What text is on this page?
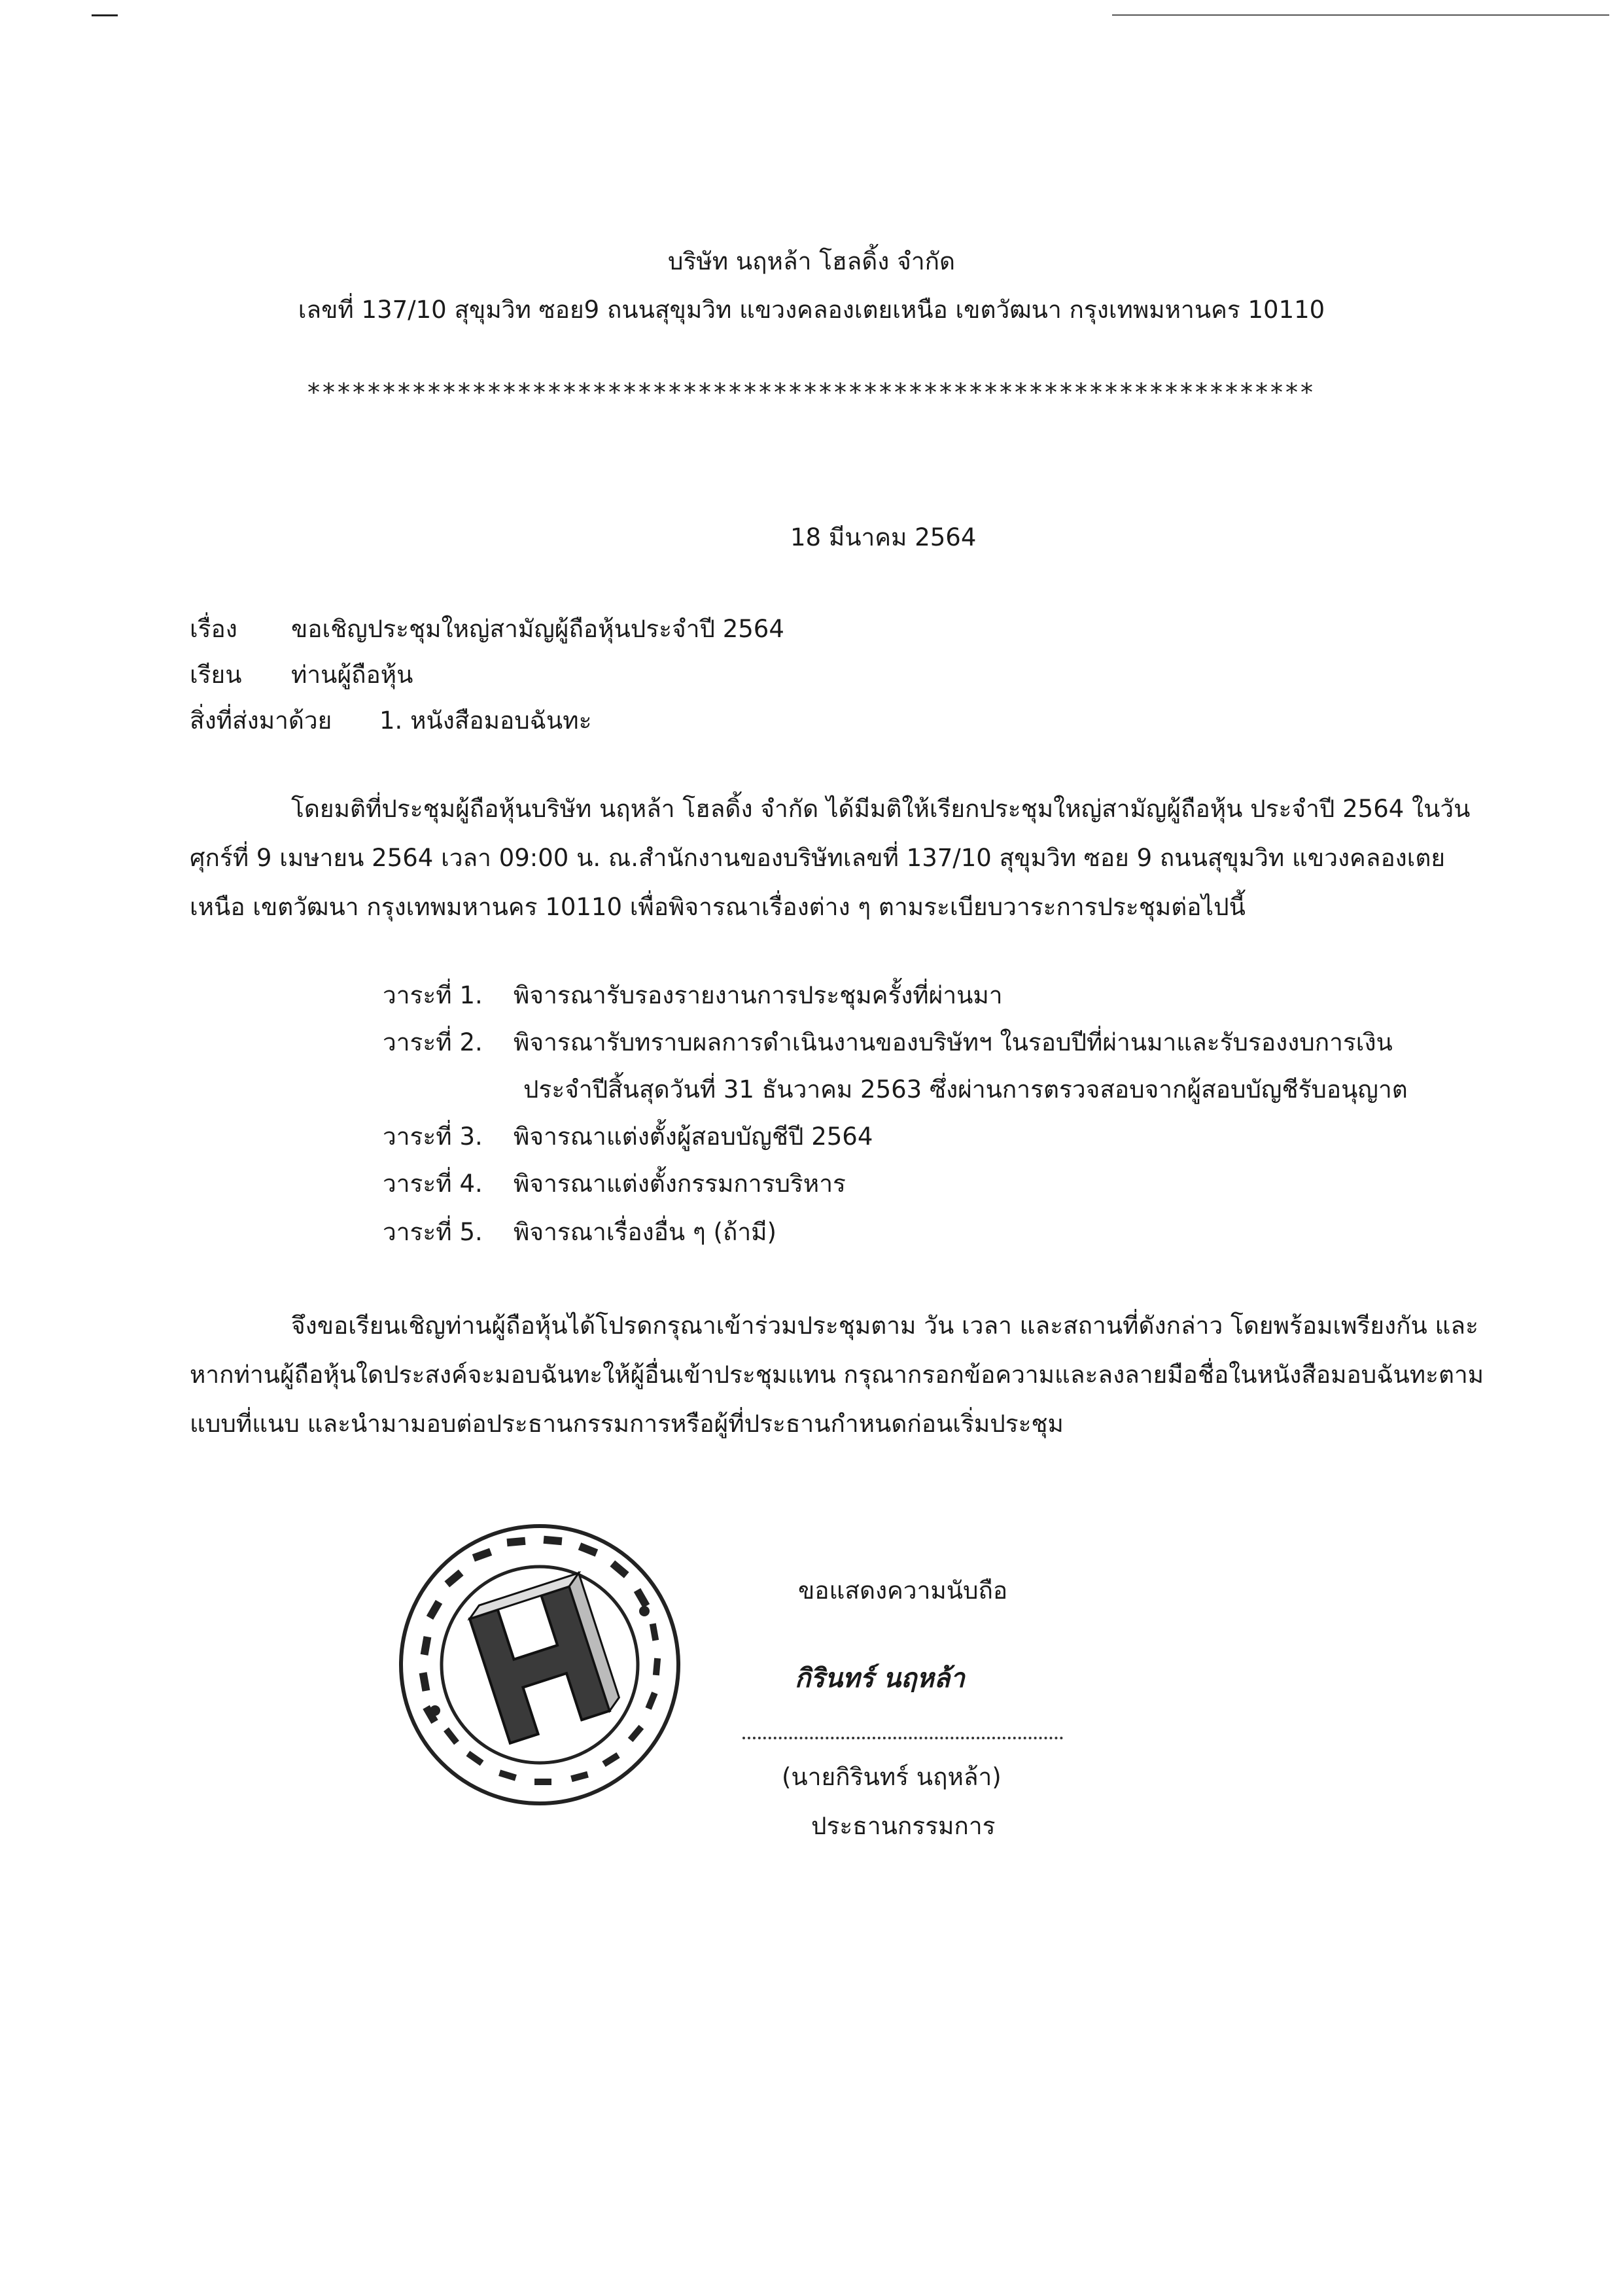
บริษัท นฤหล้า โฮลดิ้ง จำกัด
เลขที่ 137/10 สุขุมวิท ซอย9 ถนนสุขุมวิท แขวงคลองเตยเหนือ เขตวัฒนา กรุงเทพมหานคร 10110
*******************************************************************
18 มีนาคม 2564
เรื่อง ขอเชิญประชุมใหญ่สามัญผู้ถือหุ้นประจำปี 2564
เรียน ท่านผู้ถือหุ้น
สิ่งที่ส่งมาด้วย 1. หนังสือมอบฉันทะ
โดยมติที่ประชุมผู้ถือหุ้นบริษัท นฤหล้า โฮลดิ้ง จำกัด ได้มีมติให้เรียกประชุมใหญ่สามัญผู้ถือหุ้น ประจำปี 2564 ในวัน
ศุกร์ที่ 9 เมษายน 2564 เวลา 09:00 น. ณ.สำนักงานของบริษัทเลขที่ 137/10 สุขุมวิท ซอย 9 ถนนสุขุมวิท แขวงคลองเตย
เหนือ เขตวัฒนา กรุงเทพมหานคร 10110 เพื่อพิจารณาเรื่องต่าง ๆ ตามระเบียบวาระการประชุมต่อไปนี้
วาระที่ 1. พิจารณารับรองรายงานการประชุมครั้งที่ผ่านมา
วาระที่ 2. พิจารณารับทราบผลการดำเนินงานของบริษัทฯ ในรอบปีที่ผ่านมาและรับรองงบการเงิน
ประจำปีสิ้นสุดวันที่ 31 ธันวาคม 2563 ซึ่งผ่านการตรวจสอบจากผู้สอบบัญชีรับอนุญาต
วาระที่ 3. พิจารณาแต่งตั้งผู้สอบบัญชีปี 2564
วาระที่ 4. พิจารณาแต่งตั้งกรรมการบริหาร
วาระที่ 5. พิจารณาเรื่องอื่น ๆ (ถ้ามี)
จึงขอเรียนเชิญท่านผู้ถือหุ้นได้โปรดกรุณาเข้าร่วมประชุมตาม วัน เวลา และสถานที่ดังกล่าว โดยพร้อมเพรียงกัน และ
หากท่านผู้ถือหุ้นใดประสงค์จะมอบฉันทะให้ผู้อื่นเข้าประชุมแทน กรุณากรอกข้อความและลงลายมือชื่อในหนังสือมอบฉันทะตาม
แบบที่แนบ และนำมามอบต่อประธานกรรมการหรือผู้ที่ประธานกำหนดก่อนเริ่มประชุม
ขอแสดงความนับถือ
กิรินทร์ นฤหล้า
(นายกิรินทร์ นฤหล้า)
ประธานกรรมการ
